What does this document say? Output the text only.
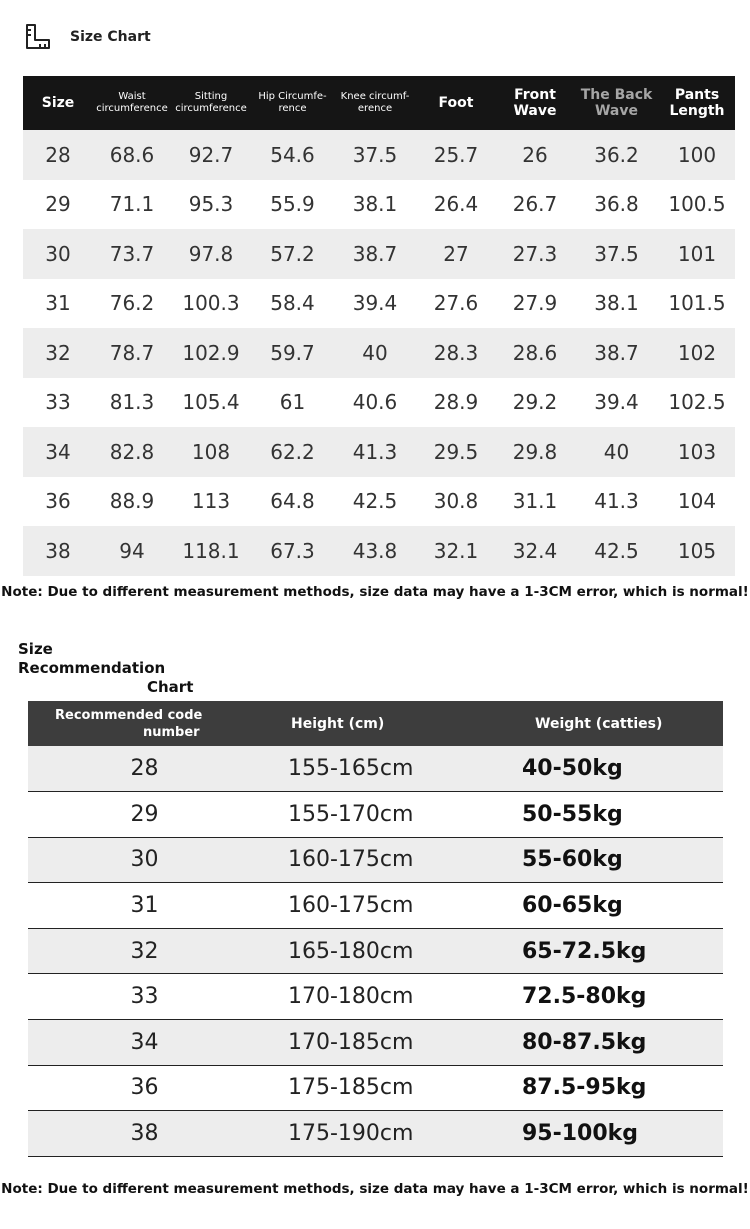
Size Chart
Size	Waist circumference	Sitting circumference	Hip Circumfe- rence	Knee circumf- erence	Foot	Front Wave	The Back Wave	Pants Length
28	68.6	92.7	54.6	37.5	25.7	26	36.2	100
29	71.1	95.3	55.9	38.1	26.4	26.7	36.8	100.5
30	73.7	97.8	57.2	38.7	27	27.3	37.5	101
31	76.2	100.3	58.4	39.4	27.6	27.9	38.1	101.5
32	78.7	102.9	59.7	40	28.3	28.6	38.7	102
33	81.3	105.4	61	40.6	28.9	29.2	39.4	102.5
34	82.8	108	62.2	41.3	29.5	29.8	40	103
36	88.9	113	64.8	42.5	30.8	31.1	41.3	104
38	94	118.1	67.3	43.8	32.1	32.4	42.5	105
Note: Due to different measurement methods, size data may have a 1-3CM error, which is normal!
Size Recommendation
Chart
Recommended code
number	Height (cm)	Weight (catties)
28	155-165cm	40-50kg
29	155-170cm	50-55kg
30	160-175cm	55-60kg
31	160-175cm	60-65kg
32	165-180cm	65-72.5kg
33	170-180cm	72.5-80kg
34	170-185cm	80-87.5kg
36	175-185cm	87.5-95kg
38	175-190cm	95-100kg
Note: Due to different measurement methods, size data may have a 1-3CM error, which is normal!
